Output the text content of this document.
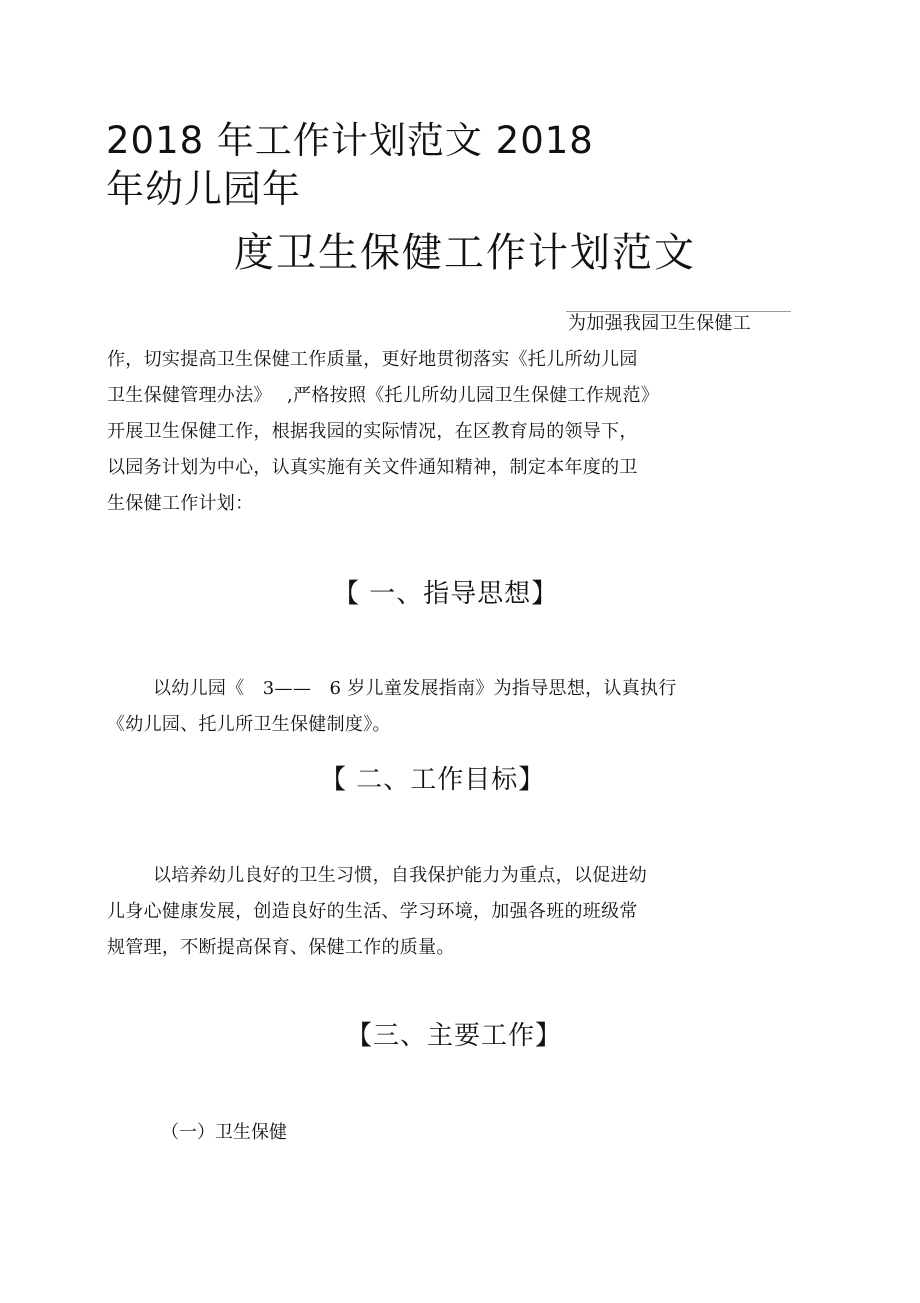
2018 年工作计划范文 2018
年幼儿园年
度卫生保健工作计划范文
为加强我园卫生保健工
作，切实提高卫生保健工作质量，更好地贯彻落实《托儿所幼儿园
卫生保健管理办法》　 ,严格按照《托儿所幼儿园卫生保健工作规范》
开展卫生保健工作，根据我园的实际情况，在区教育局的领导下，
以园务计划为中心，认真实施有关文件通知精神，制定本年度的卫
生保健工作计划：
【 一、指导思想】
以幼儿园《　3——　6 岁儿童发展指南》为指导思想，认真执行
《幼儿园、托儿所卫生保健制度》。
【 二、工作目标】
以培养幼儿良好的卫生习惯，自我保护能力为重点，以促进幼
儿身心健康发展，创造良好的生活、学习环境，加强各班的班级常
规管理，不断提高保育、保健工作的质量。
【三、主要工作】
（一）卫生保健
